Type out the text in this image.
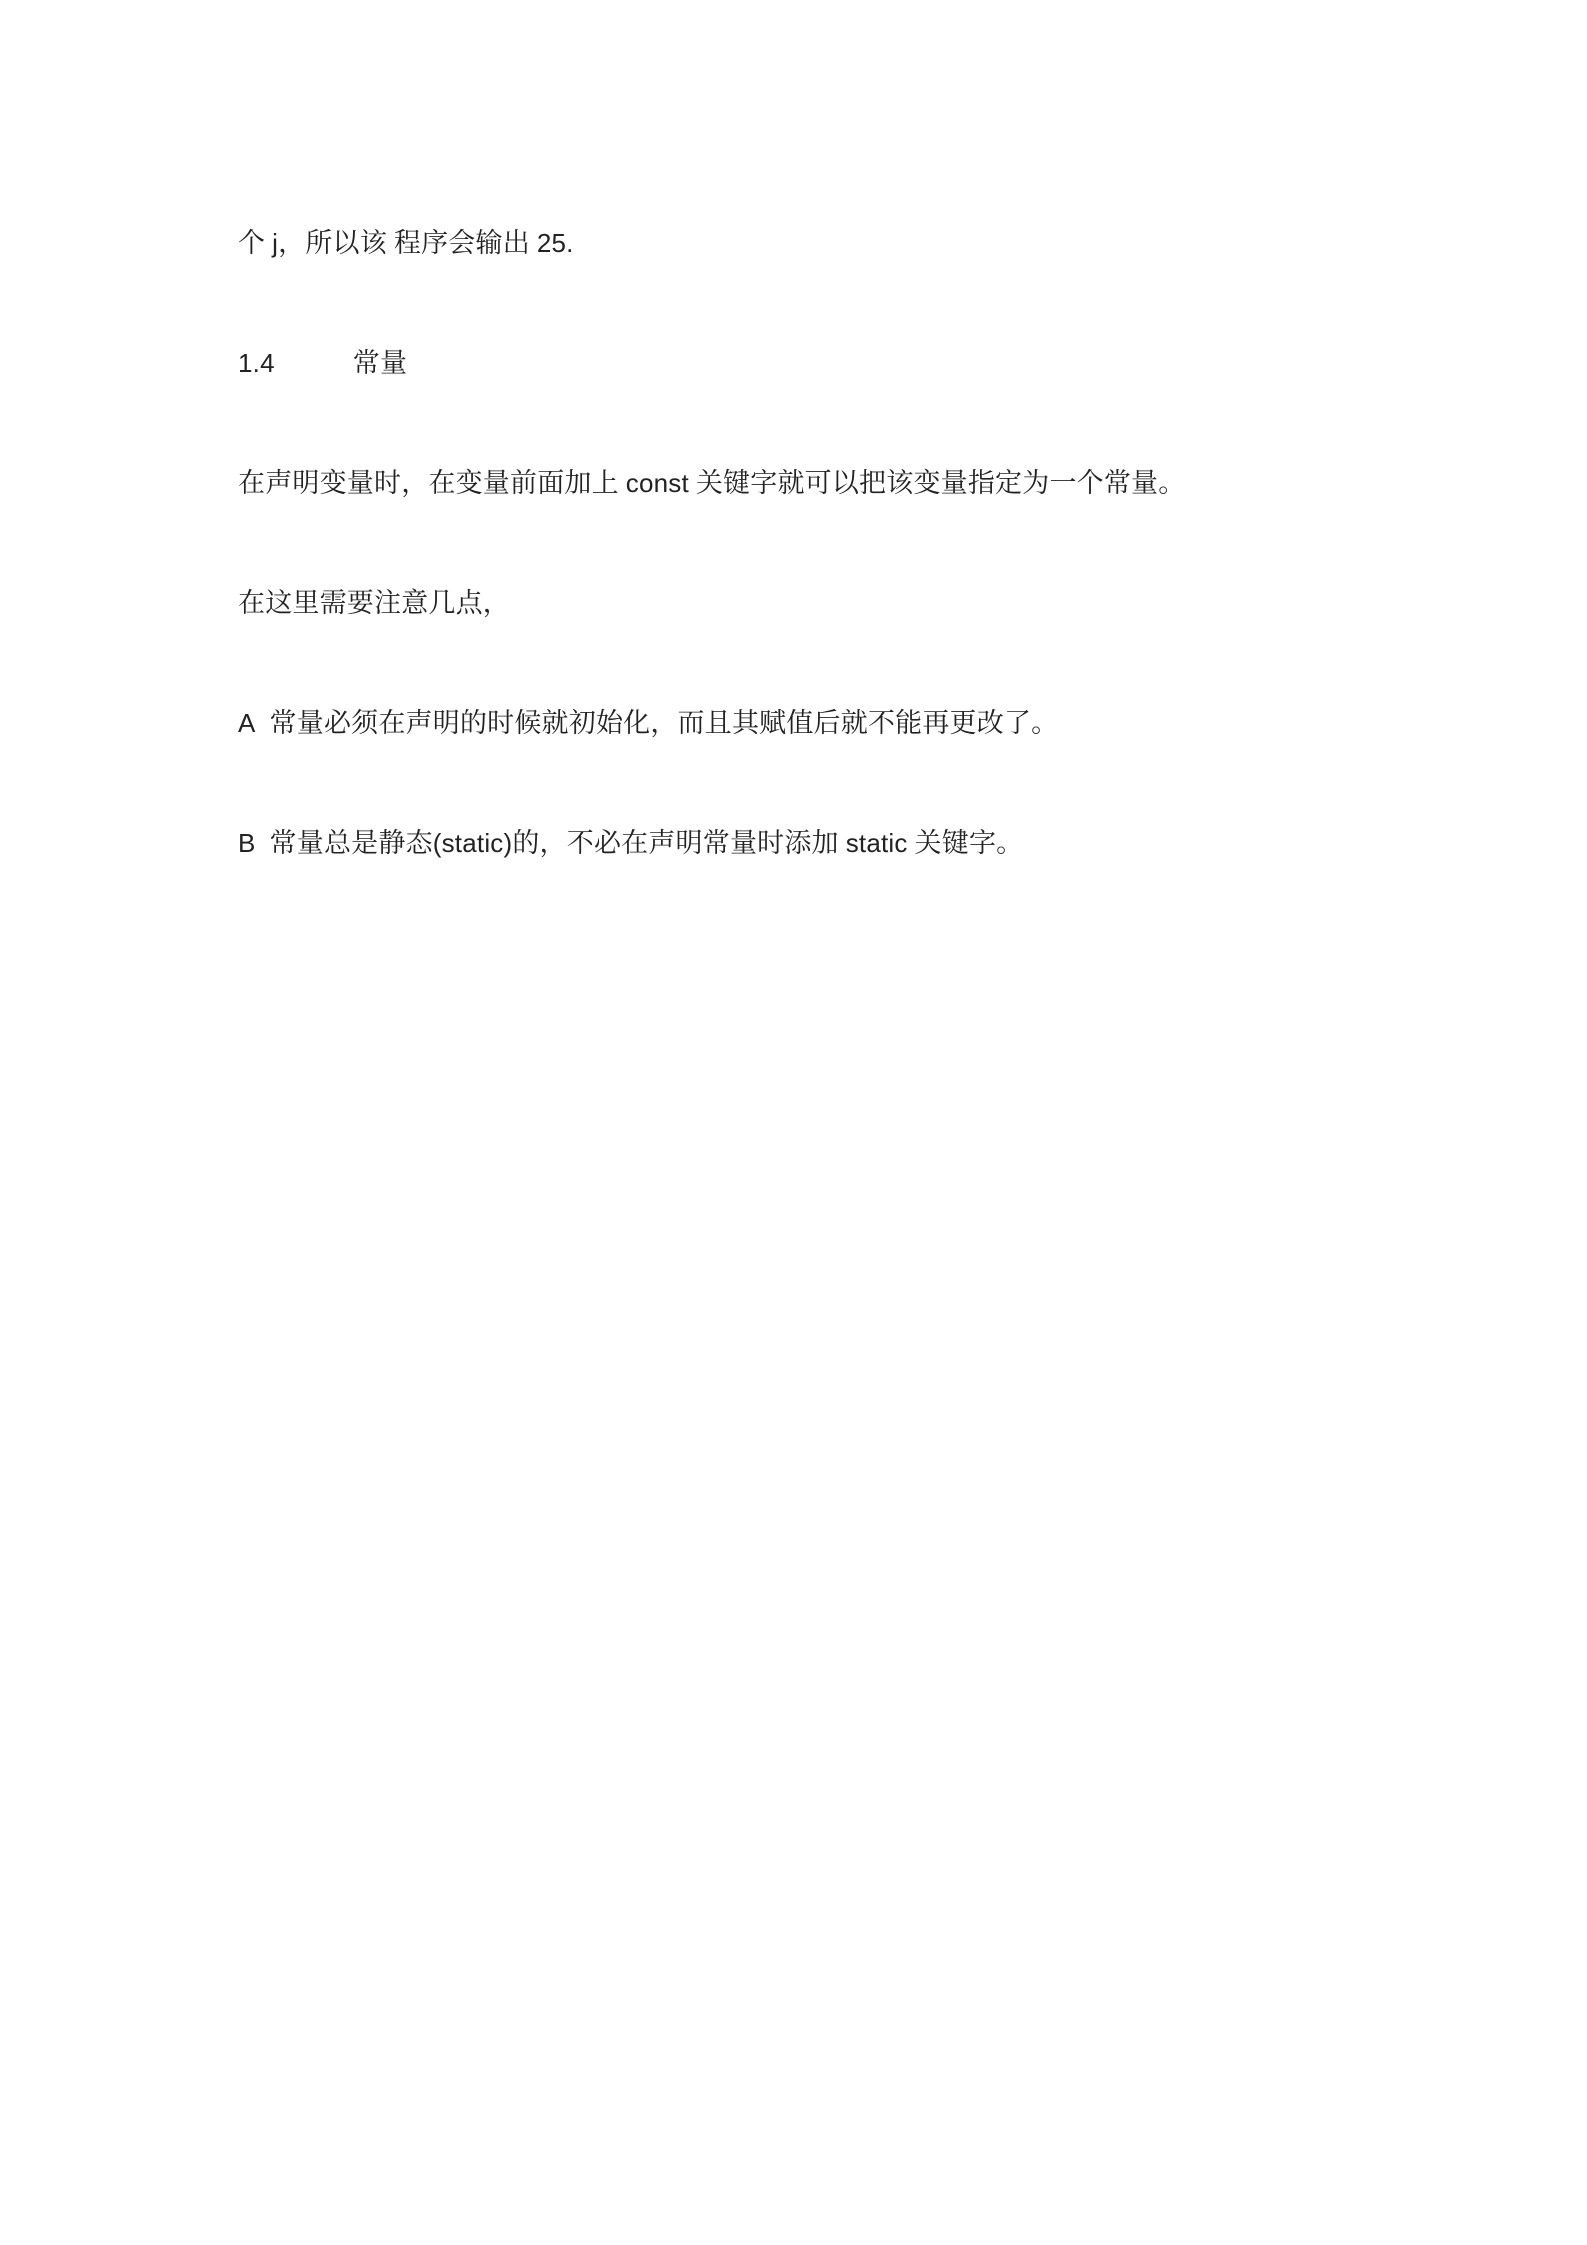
个 j，所以该 程序会输出 25.

1.4	常量

在声明变量时，在变量前面加上 const 关键字就可以把该变量指定为一个常量。

在这里需要注意几点，

A 常量必须在声明的时候就初始化，而且其赋值后就不能再更改了。

B 常量总是静态(static)的，不必在声明常量时添加 static 关键字。
